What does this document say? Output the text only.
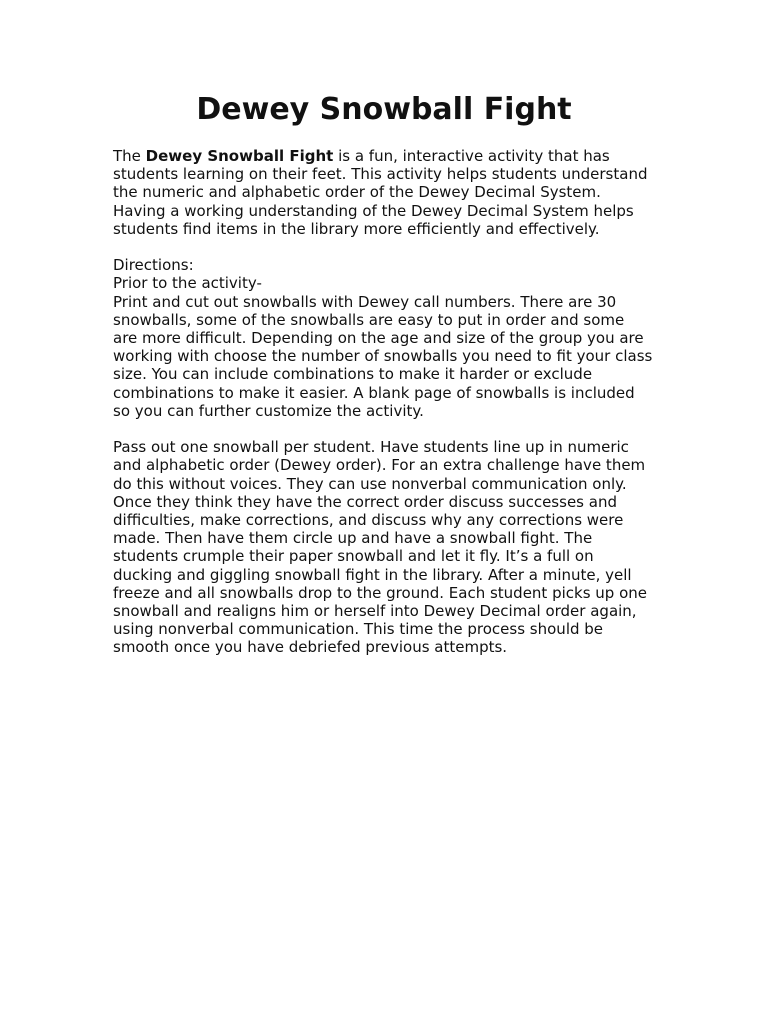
Dewey Snowball Fight

The Dewey Snowball Fight is a fun, interactive activity that has
students learning on their feet. This activity helps students understand
the numeric and alphabetic order of the Dewey Decimal System.
Having a working understanding of the Dewey Decimal System helps
students find items in the library more efficiently and effectively.

Directions:
Prior to the activity-
Print and cut out snowballs with Dewey call numbers. There are 30
snowballs, some of the snowballs are easy to put in order and some
are more difficult. Depending on the age and size of the group you are
working with choose the number of snowballs you need to fit your class
size. You can include combinations to make it harder or exclude
combinations to make it easier. A blank page of snowballs is included
so you can further customize the activity.

Pass out one snowball per student. Have students line up in numeric
and alphabetic order (Dewey order). For an extra challenge have them
do this without voices. They can use nonverbal communication only.
Once they think they have the correct order discuss successes and
difficulties, make corrections, and discuss why any corrections were
made. Then have them circle up and have a snowball fight. The
students crumple their paper snowball and let it fly. It’s a full on
ducking and giggling snowball fight in the library. After a minute, yell
freeze and all snowballs drop to the ground. Each student picks up one
snowball and realigns him or herself into Dewey Decimal order again,
using nonverbal communication. This time the process should be
smooth once you have debriefed previous attempts.
